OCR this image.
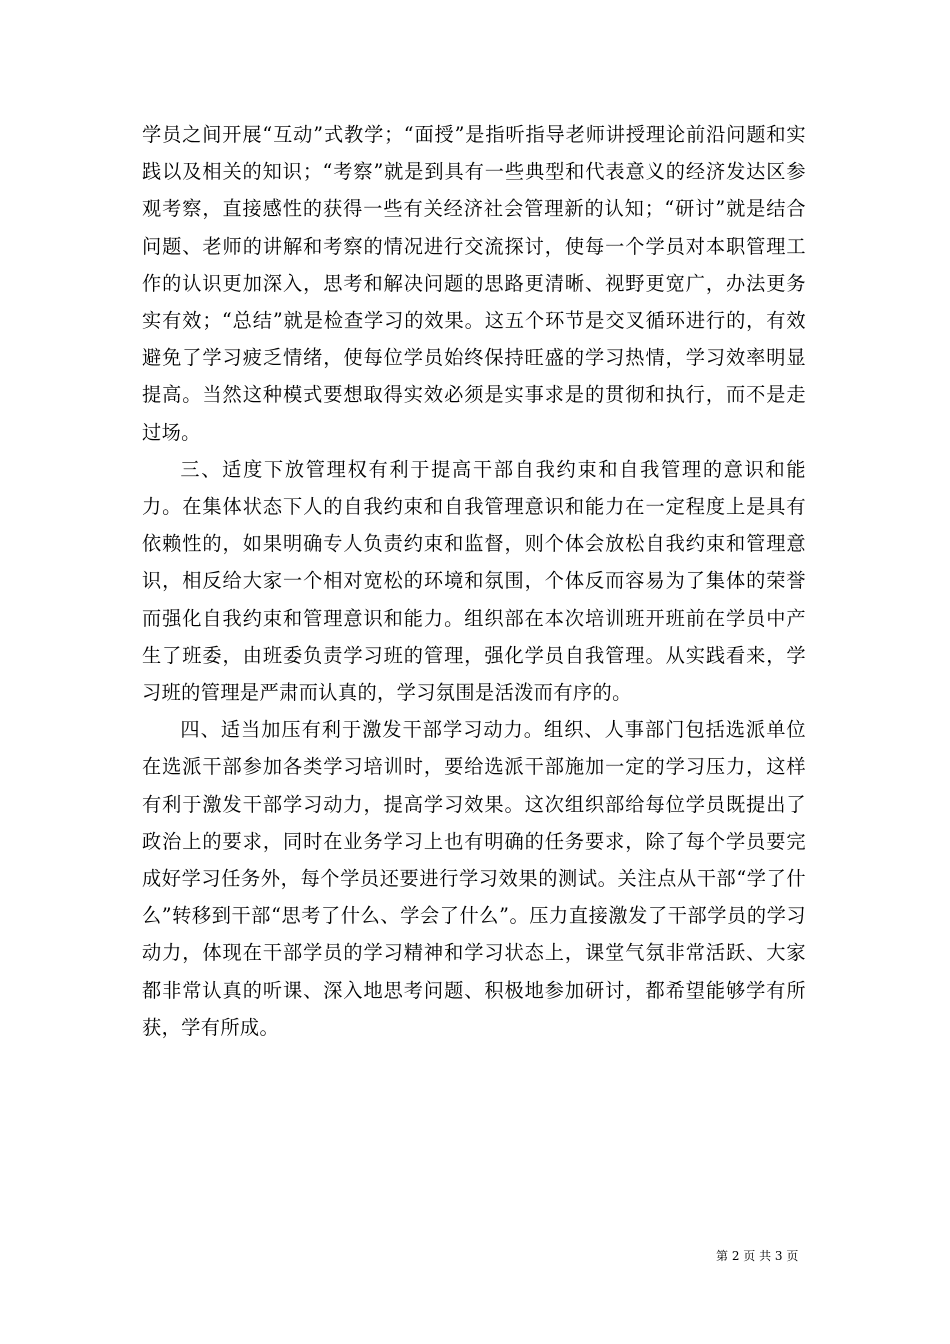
学员之间开展“互动”式教学；“面授”是指听指导老师讲授理论前沿问题和实践以及相关的知识；“考察”就是到具有一些典型和代表意义的经济发达区参观考察，直接感性的获得一些有关经济社会管理新的认知；“研讨”就是结合问题、老师的讲解和考察的情况进行交流探讨，使每一个学员对本职管理工作的认识更加深入，思考和解决问题的思路更清晰、视野更宽广，办法更务实有效；“总结”就是检查学习的效果。这五个环节是交叉循环进行的，有效避免了学习疲乏情绪，使每位学员始终保持旺盛的学习热情，学习效率明显提高。当然这种模式要想取得实效必须是实事求是的贯彻和执行，而不是走过场。

三、适度下放管理权有利于提高干部自我约束和自我管理的意识和能力。在集体状态下人的自我约束和自我管理意识和能力在一定程度上是具有依赖性的，如果明确专人负责约束和监督，则个体会放松自我约束和管理意识，相反给大家一个相对宽松的环境和氛围，个体反而容易为了集体的荣誉而强化自我约束和管理意识和能力。组织部在本次培训班开班前在学员中产生了班委，由班委负责学习班的管理，强化学员自我管理。从实践看来，学习班的管理是严肃而认真的，学习氛围是活泼而有序的。

四、适当加压有利于激发干部学习动力。组织、人事部门包括选派单位在选派干部参加各类学习培训时，要给选派干部施加一定的学习压力，这样有利于激发干部学习动力，提高学习效果。这次组织部给每位学员既提出了政治上的要求，同时在业务学习上也有明确的任务要求，除了每个学员要完成好学习任务外，每个学员还要进行学习效果的测试。关注点从干部“学了什么”转移到干部“思考了什么、学会了什么”。压力直接激发了干部学员的学习动力，体现在干部学员的学习精神和学习状态上，课堂气氛非常活跃、大家都非常认真的听课、深入地思考问题、积极地参加研讨，都希望能够学有所获，学有所成。

第 2 页 共 3 页
